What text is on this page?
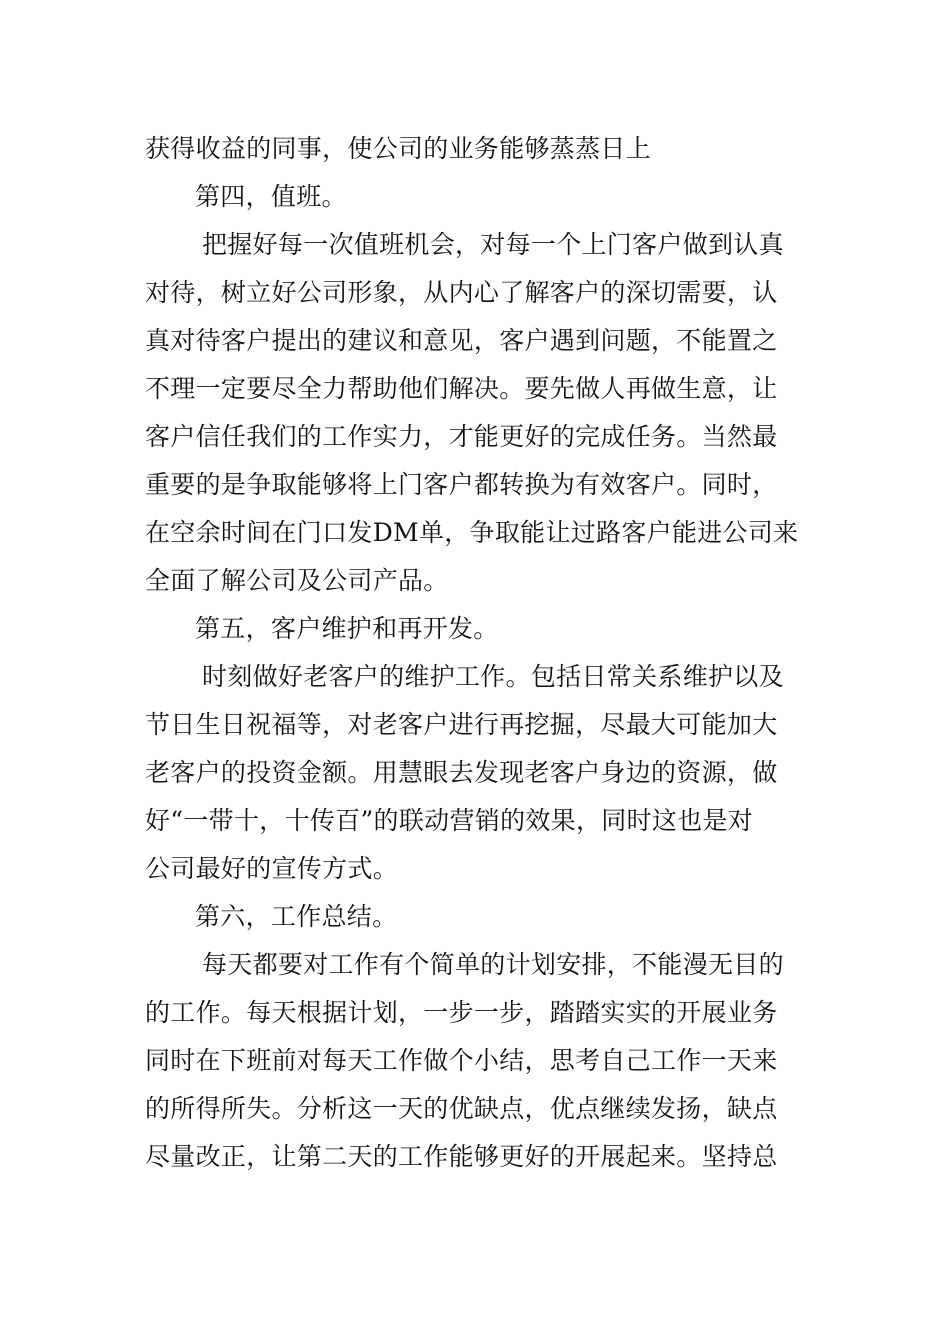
获得收益的同事，使公司的业务能够蒸蒸日上
第四，值班。
把握好每一次值班机会，对每一个上门客户做到认真
对待，树立好公司形象，从内心了解客户的深切需要，认
真对待客户提出的建议和意见，客户遇到问题，不能置之
不理一定要尽全力帮助他们解决。要先做人再做生意，让
客户信任我们的工作实力，才能更好的完成任务。当然最
重要的是争取能够将上门客户都转换为有效客户。同时，
在空余时间在门口发DM单，争取能让过路客户能进公司来
全面了解公司及公司产品。
第五，客户维护和再开发。
时刻做好老客户的维护工作。包括日常关系维护以及
节日生日祝福等，对老客户进行再挖掘，尽最大可能加大
老客户的投资金额。用慧眼去发现老客户身边的资源，做
好“一带十，十传百”的联动营销的效果，同时这也是对
公司最好的宣传方式。
第六，工作总结。
每天都要对工作有个简单的计划安排，不能漫无目的
的工作。每天根据计划，一步一步，踏踏实实的开展业务
同时在下班前对每天工作做个小结，思考自己工作一天来
的所得所失。分析这一天的优缺点，优点继续发扬，缺点
尽量改正，让第二天的工作能够更好的开展起来。坚持总
